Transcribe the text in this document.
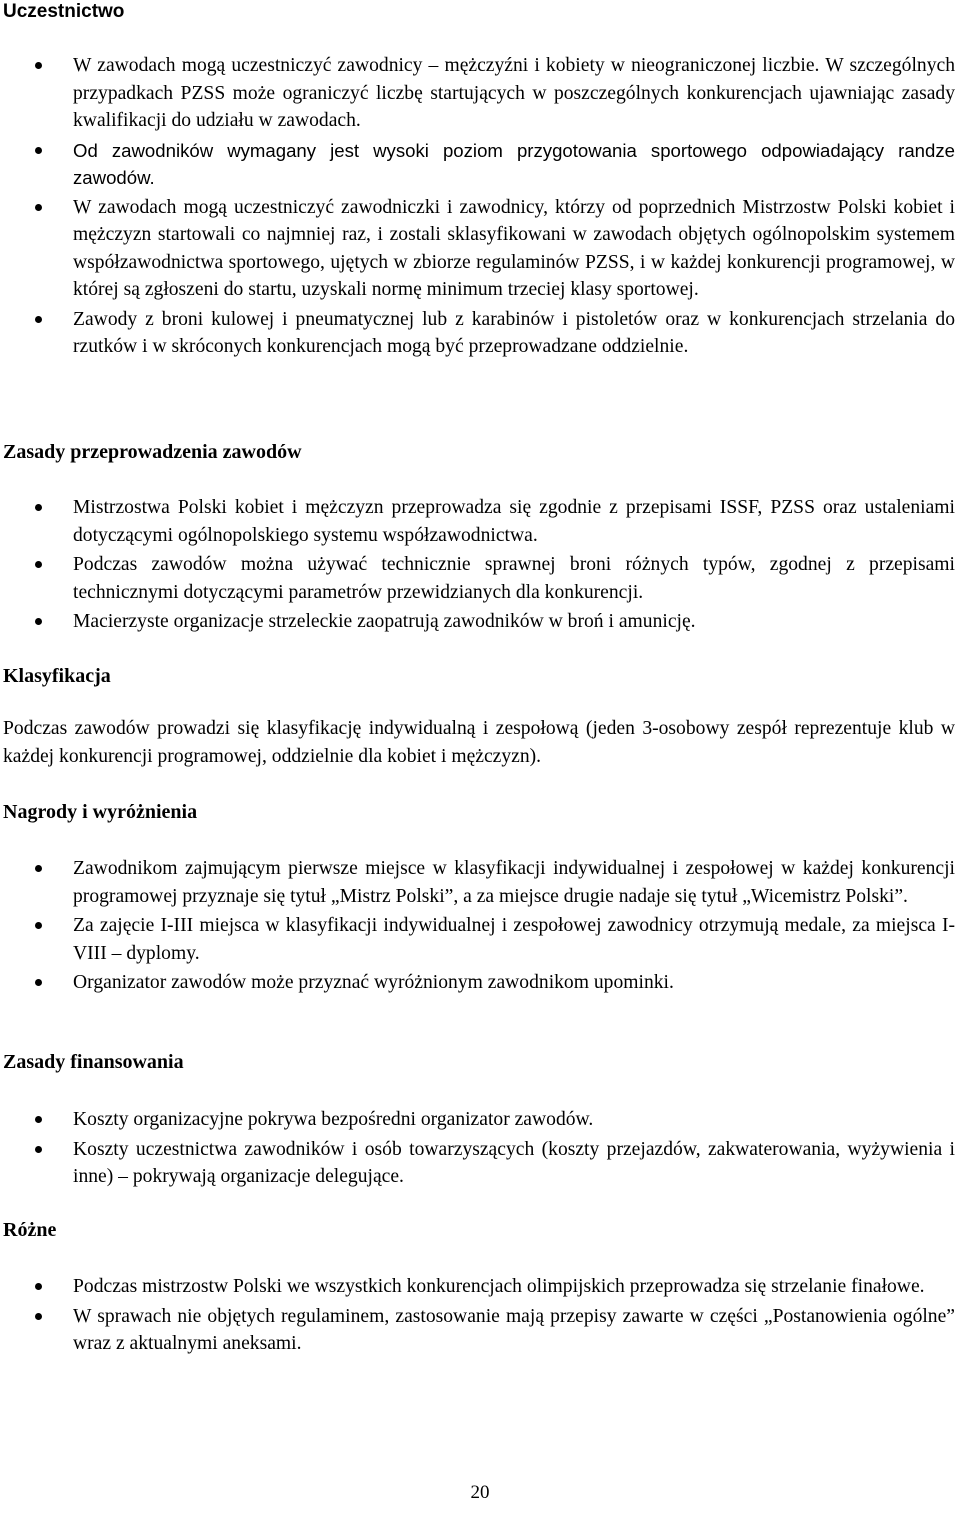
Uczestnictwo
W zawodach mogą uczestniczyć zawodnicy – mężczyźni i kobiety w nieograniczonej liczbie. W szczególnych przypadkach PZSS może ograniczyć liczbę startujących w poszczególnych konkurencjach ujawniając zasady kwalifikacji do udziału w zawodach.
Od zawodników wymagany jest wysoki poziom przygotowania sportowego odpowiadający randze zawodów.
W zawodach mogą uczestniczyć zawodniczki i zawodnicy, którzy od poprzednich Mistrzostw Polski kobiet i mężczyzn startowali co najmniej raz, i zostali sklasyfikowani w zawodach objętych ogólnopolskim systemem współzawodnictwa sportowego, ujętych w zbiorze regulaminów PZSS, i w każdej konkurencji programowej, w której są zgłoszeni do startu, uzyskali normę minimum trzeciej klasy sportowej.
Zawody z broni kulowej i pneumatycznej lub z karabinów i pistoletów oraz w konkurencjach strzelania do rzutków i w skróconych konkurencjach mogą być przeprowadzane oddzielnie.
Zasady przeprowadzenia zawodów
Mistrzostwa Polski kobiet i mężczyzn przeprowadza się zgodnie z przepisami ISSF, PZSS oraz ustaleniami dotyczącymi ogólnopolskiego systemu współzawodnictwa.
Podczas zawodów można używać technicznie sprawnej broni różnych typów, zgodnej z przepisami technicznymi dotyczącymi parametrów przewidzianych dla konkurencji.
Macierzyste organizacje strzeleckie zaopatrują zawodników w broń i amunicję.
Klasyfikacja

Podczas zawodów prowadzi się klasyfikację indywidualną i zespołową (jeden 3-osobowy zespół reprezentuje klub w każdej konkurencji programowej, oddzielnie dla kobiet i mężczyzn).

Nagrody i wyróżnienia
Zawodnikom zajmującym pierwsze miejsce w klasyfikacji indywidualnej i zespołowej w każdej konkurencji programowej przyznaje się tytuł „Mistrz Polski”, a za miejsce drugie nadaje się tytuł „Wicemistrz Polski”.
Za zajęcie I-III miejsca w klasyfikacji indywidualnej i zespołowej zawodnicy otrzymują medale, za miejsca I-VIII – dyplomy.
Organizator zawodów może przyznać wyróżnionym zawodnikom upominki.
Zasady finansowania
Koszty organizacyjne pokrywa bezpośredni organizator zawodów.
Koszty uczestnictwa zawodników i osób towarzyszących (koszty przejazdów, zakwaterowania, wyżywienia i inne) – pokrywają organizacje delegujące.
Różne
Podczas mistrzostw Polski we wszystkich konkurencjach olimpijskich przeprowadza się strzelanie finałowe.
W sprawach nie objętych regulaminem, zastosowanie mają przepisy zawarte w części „Postanowienia ogólne” wraz z aktualnymi aneksami.
20
